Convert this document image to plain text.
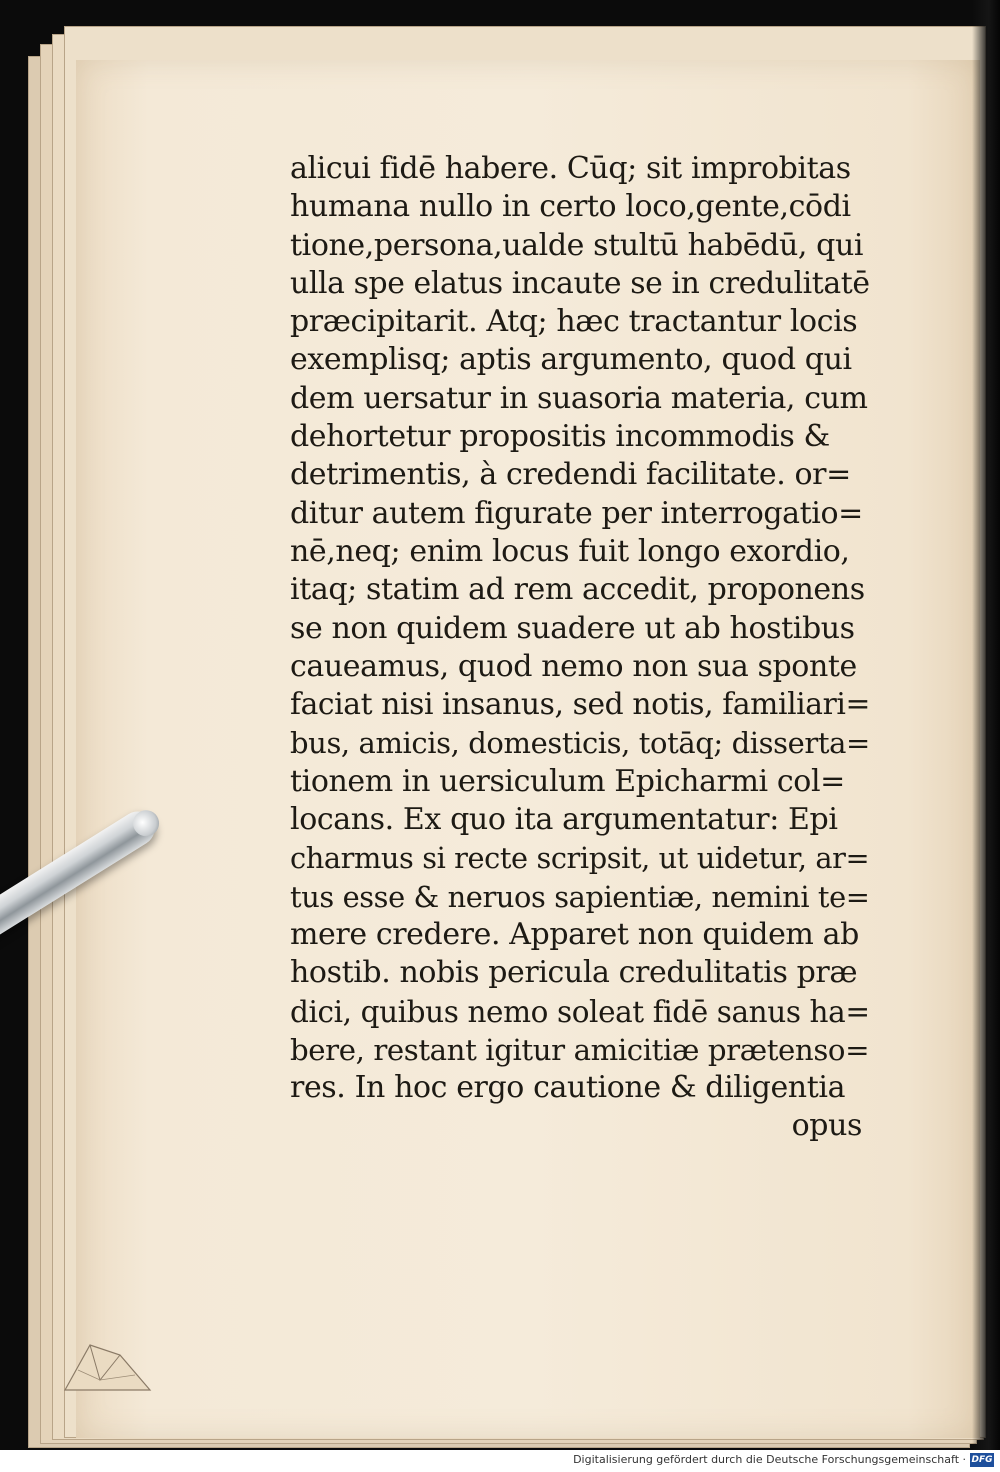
alicui fidē habere. Cūq; sit improbitas
humana nullo in certo loco,gente,cōdi
tione,persona,ualde stultū habēdū, qui
ulla spe elatus incaute se in credulitatē
præcipitarit. Atq; hæc tractantur locis
exemplisq; aptis argumento, quod qui
dem uersatur in suasoria materia, cum
dehortetur propositis incommodis &
detrimentis, à credendi facilitate. or=
ditur autem figurate per interrogatio=
nē,neq; enim locus fuit longo exordio,
itaq; statim ad rem accedit, proponens
se non quidem suadere ut ab hostibus
caueamus, quod nemo non sua sponte
faciat nisi insanus, sed notis, familiari=
bus, amicis, domesticis, totāq; disserta=
tionem in uersiculum Epicharmi col=
locans. Ex quo ita argumentatur: Epi
charmus si recte scripsit, ut uidetur, ar=
tus esse & neruos sapientiæ, nemini te=
mere credere. Apparet non quidem ab
hostib. nobis pericula credulitatis præ
dici, quibus nemo soleat fidē sanus ha=
bere, restant igitur amicitiæ prætenso=
res. In hoc ergo cautione & diligentia
opus
Digitalisierung gefördert durch die Deutsche Forschungsgemeinschaft · DFG
